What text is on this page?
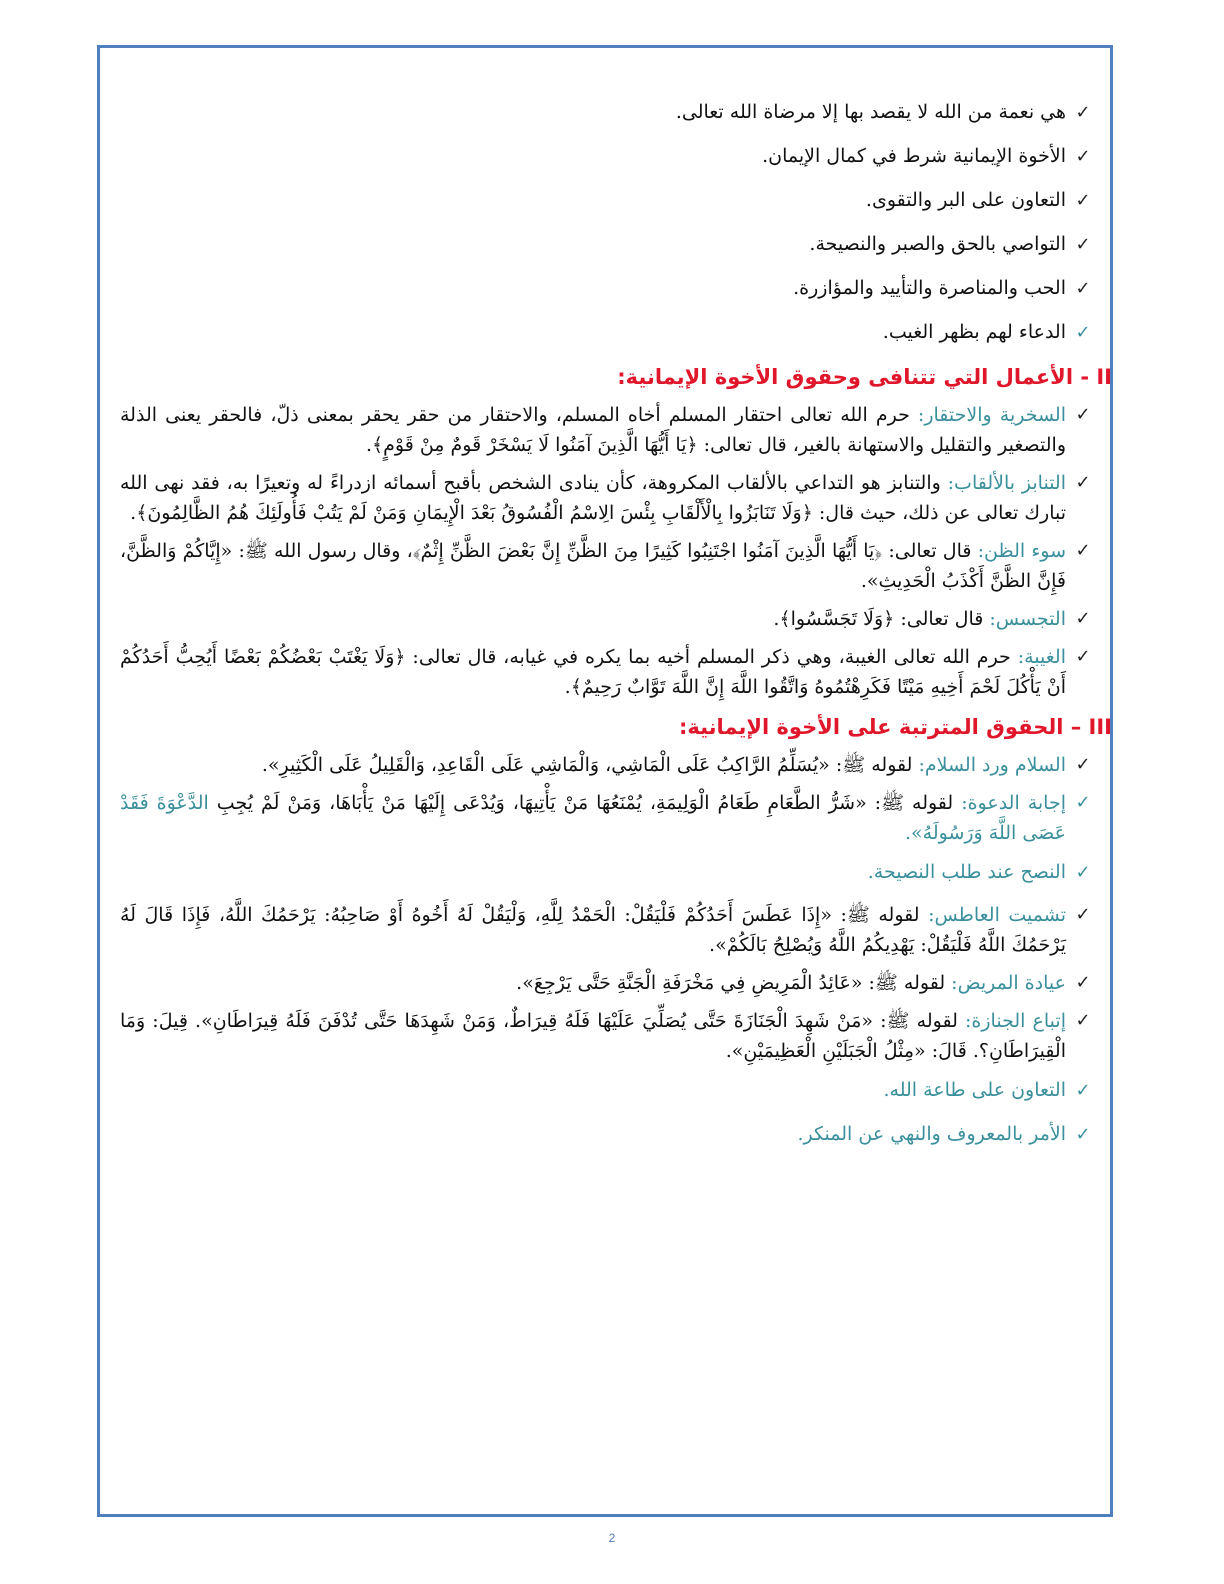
✓
هي نعمة من الله لا يقصد بها إلا مرضاة الله تعالى.
✓
الأخوة الإيمانية شرط في كمال الإيمان.
✓
التعاون على البر والتقوى.
✓
التواصي بالحق والصبر والنصيحة.
✓
الحب والمناصرة والتأييد والمؤازرة.
✓
الدعاء لهم بظهر الغيب.
II - الأعمال التي تتنافى وحقوق الأخوة الإيمانية:
✓
السخرية والاحتقار: حرم الله تعالى احتقار المسلم أخاه المسلم، والاحتقار من حقر يحقر بمعنى ذلّ، فالحقر يعنى الذلة والتصغير والتقليل والاستهانة بالغير، قال تعالى: ﴿يَا أَيُّهَا الَّذِينَ آمَنُوا لَا يَسْخَرْ قَومٌ مِنْ قَوْمٍ﴾.
✓
التنابز بالألقاب: والتنابز هو التداعي بالألقاب المكروهة، كأن ينادى الشخص بأقبح أسمائه ازدراءً له وتعيرًا به، فقد نهى الله تبارك تعالى عن ذلك، حيث قال: ﴿وَلَا تَنَابَزُوا بِالْأَلْقَابِ بِئْسَ الِاسْمُ الْفُسُوقُ بَعْدَ الْإِيمَانِ وَمَنْ لَمْ يَتُبْ فَأُولَئِكَ هُمُ الظَّالِمُونَ﴾.
✓
سوء الظن: قال تعالى: ﴿يَا أَيُّهَا الَّذِينَ آمَنُوا اجْتَنِبُوا كَثِيرًا مِنَ الظَّنِّ إِنَّ بَعْضَ الظَّنِّ إِثْمٌ﴾، وقال رسول الله ﷺ: «إِيَّاكُمْ وَالظَّنَّ، فَإِنَّ الظَّنَّ أَكْذَبُ الْحَدِيثِ».
✓
التجسس: قال تعالى: ﴿وَلَا تَجَسَّسُوا﴾.
✓
الغيبة: حرم الله تعالى الغيبة، وهي ذكر المسلم أخيه بما يكره في غيابه، قال تعالى: ﴿وَلَا يَغْتَبْ بَعْضُكُمْ بَعْضًا أَيُحِبُّ أَحَدُكُمْ أَنْ يَأْكُلَ لَحْمَ أَخِيهِ مَيْتًا فَكَرِهْتُمُوهُ وَاتَّقُوا اللَّهَ إِنَّ اللَّهَ تَوَّابٌ رَحِيمٌ﴾.
III – الحقوق المترتبة على الأخوة الإيمانية:
✓
السلام ورد السلام: لقوله ﷺ: «يُسَلِّمُ الرَّاكِبُ عَلَى الْمَاشِي، وَالْمَاشِي عَلَى الْقَاعِدِ، وَالْقَلِيلُ عَلَى الْكَثِيرِ».
✓
إجابة الدعوة: لقوله ﷺ: «شَرُّ الطَّعَامِ طَعَامُ الْوَلِيمَةِ، يُمْنَعُهَا مَنْ يَأْتِيهَا، وَيُدْعَى إِلَيْهَا مَنْ يَأْبَاهَا، وَمَنْ لَمْ يُجِبِ الدَّعْوَةَ فَقَدْ عَصَى اللَّهَ وَرَسُولَهُ».
✓
النصح عند طلب النصيحة.
✓
تشميت العاطس: لقوله ﷺ: «إِذَا عَطَسَ أَحَدُكُمْ فَلْيَقُلْ: الْحَمْدُ لِلَّهِ، وَلْيَقُلْ لَهُ أَخُوهُ أَوْ صَاحِبُهُ: يَرْحَمُكَ اللَّهُ، فَإِذَا قَالَ لَهُ يَرْحَمُكَ اللَّهُ فَلْيَقُلْ: يَهْدِيكُمُ اللَّهُ وَيُصْلِحُ بَالَكُمْ».
✓
عيادة المريض: لقوله ﷺ: «عَائِدُ الْمَرِيضِ فِي مَخْرَفَةِ الْجَنَّةِ حَتَّى يَرْجِعَ».
✓
إتباع الجنازة: لقوله ﷺ: «مَنْ شَهِدَ الْجَنَازَةَ حَتَّى يُصَلِّيَ عَلَيْهَا فَلَهُ قِيرَاطٌ، وَمَنْ شَهِدَهَا حَتَّى تُدْفَنَ فَلَهُ قِيرَاطَانِ». قِيلَ: وَمَا الْقِيرَاطَانِ؟. قَالَ: «مِثْلُ الْجَبَلَيْنِ الْعَظِيمَيْنِ».
✓
التعاون على طاعة الله.
✓
الأمر بالمعروف والنهي عن المنكر.
2
